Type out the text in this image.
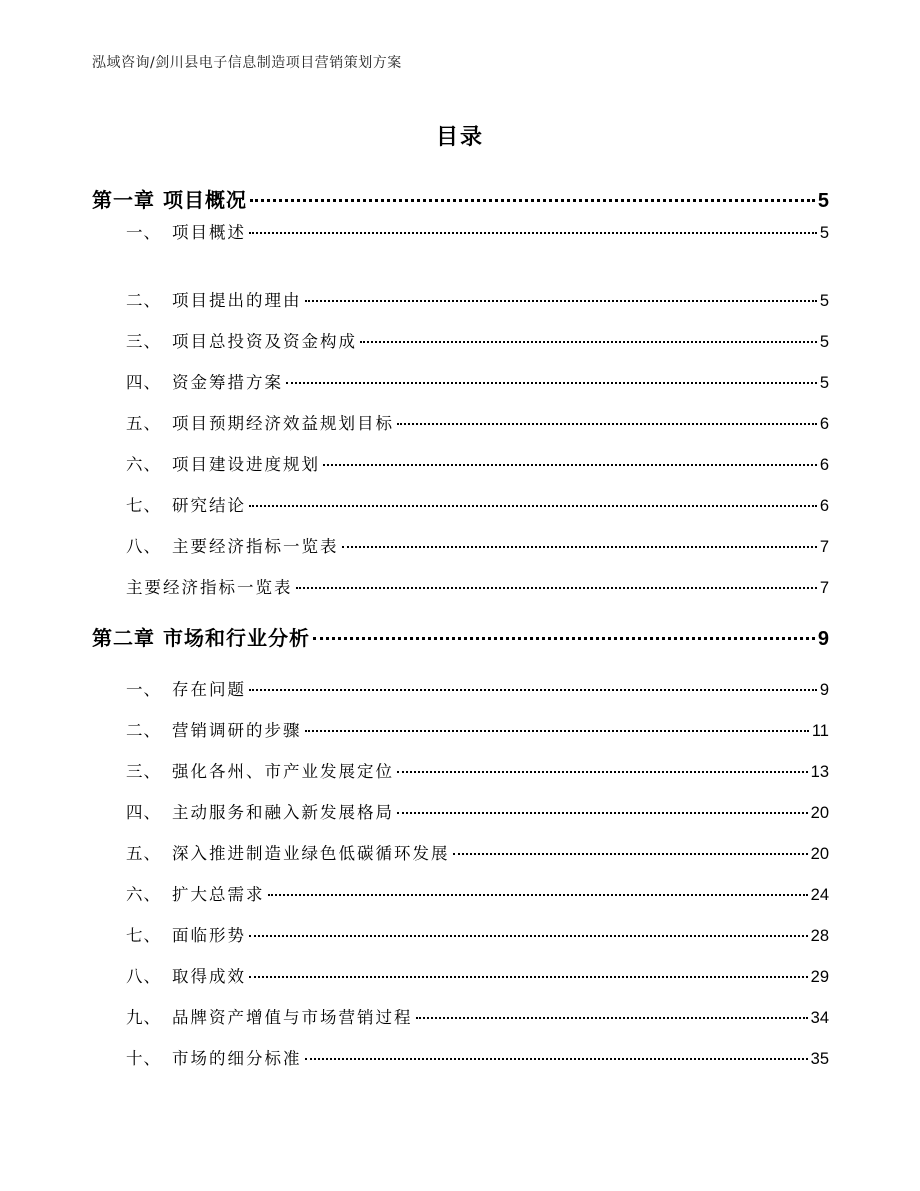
泓域咨询/剑川县电子信息制造项目营销策划方案
目录
第一章 项目概况	5
一、 项目概述	5
二、 项目提出的理由	5
三、 项目总投资及资金构成	5
四、 资金筹措方案	5
五、 项目预期经济效益规划目标	6
六、 项目建设进度规划	6
七、 研究结论	6
八、 主要经济指标一览表	7
主要经济指标一览表	7
第二章 市场和行业分析	9
一、 存在问题	9
二、 营销调研的步骤	11
三、 强化各州、市产业发展定位	13
四、 主动服务和融入新发展格局	20
五、 深入推进制造业绿色低碳循环发展	20
六、 扩大总需求	24
七、 面临形势	28
八、 取得成效	29
九、 品牌资产增值与市场营销过程	34
十、 市场的细分标准	35
